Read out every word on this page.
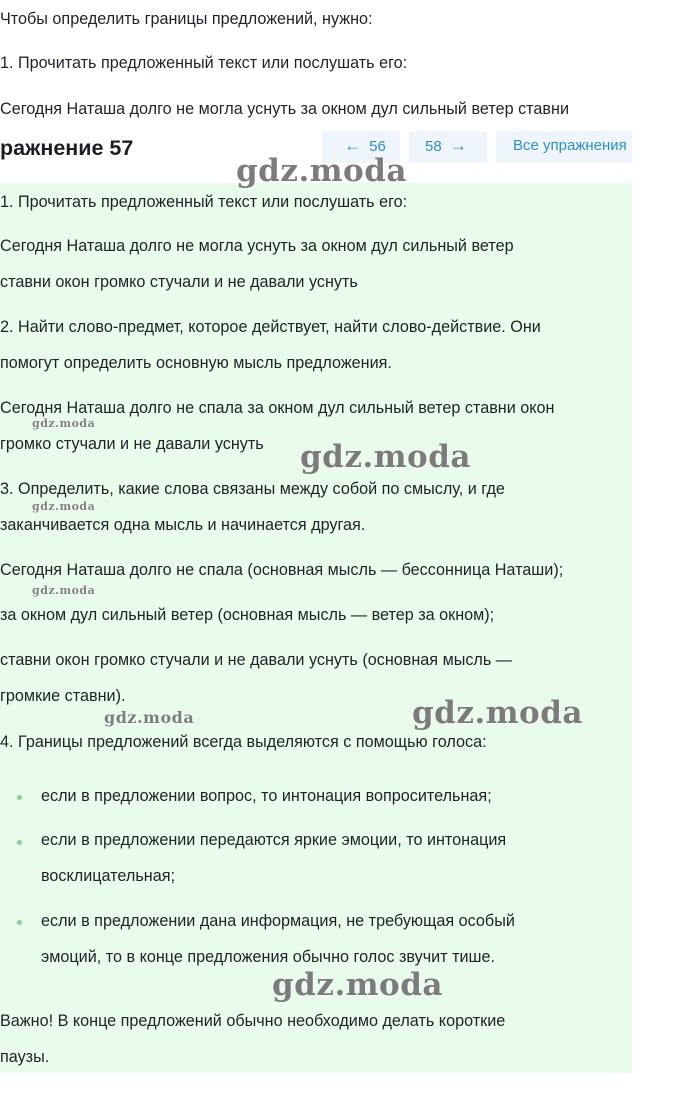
Чтобы определить границы предложений, нужно:
1. Прочитать предложенный текст или послушать его:
Сегодня Наташа долго не могла уснуть за окном дул сильный ветер ставни
ражнение 57	← 56	58 →	Все упражнения
1. Прочитать предложенный текст или послушать его:
Сегодня Наташа долго не могла уснуть за окном дул сильный ветер
ставни окон громко стучали и не давали уснуть
2. Найти слово-предмет, которое действует, найти слово-действие. Они
помогут определить основную мысль предложения.
Сегодня Наташа долго не спала за окном дул сильный ветер ставни окон
громко стучали и не давали уснуть
3. Определить, какие слова связаны между собой по смыслу, и где
заканчивается одна мысль и начинается другая.
Сегодня Наташа долго не спала (основная мысль — бессонница Наташи);
за окном дул сильный ветер (основная мысль — ветер за окном);
ставни окон громко стучали и не давали уснуть (основная мысль —
громкие ставни).
4. Границы предложений всегда выделяются с помощью голоса:
если в предложении вопрос, то интонация вопросительная;
если в предложении передаются яркие эмоции, то интонация
восклицательная;
если в предложении дана информация, не требующая особый
эмоций, то в конце предложения обычно голос звучит тише.
Важно! В конце предложений обычно необходимо делать короткие
паузы.
gdz.moda
gdz.moda
gdz.moda
gdz.moda
gdz.moda
gdz.moda	gdz.moda
gdz.moda
